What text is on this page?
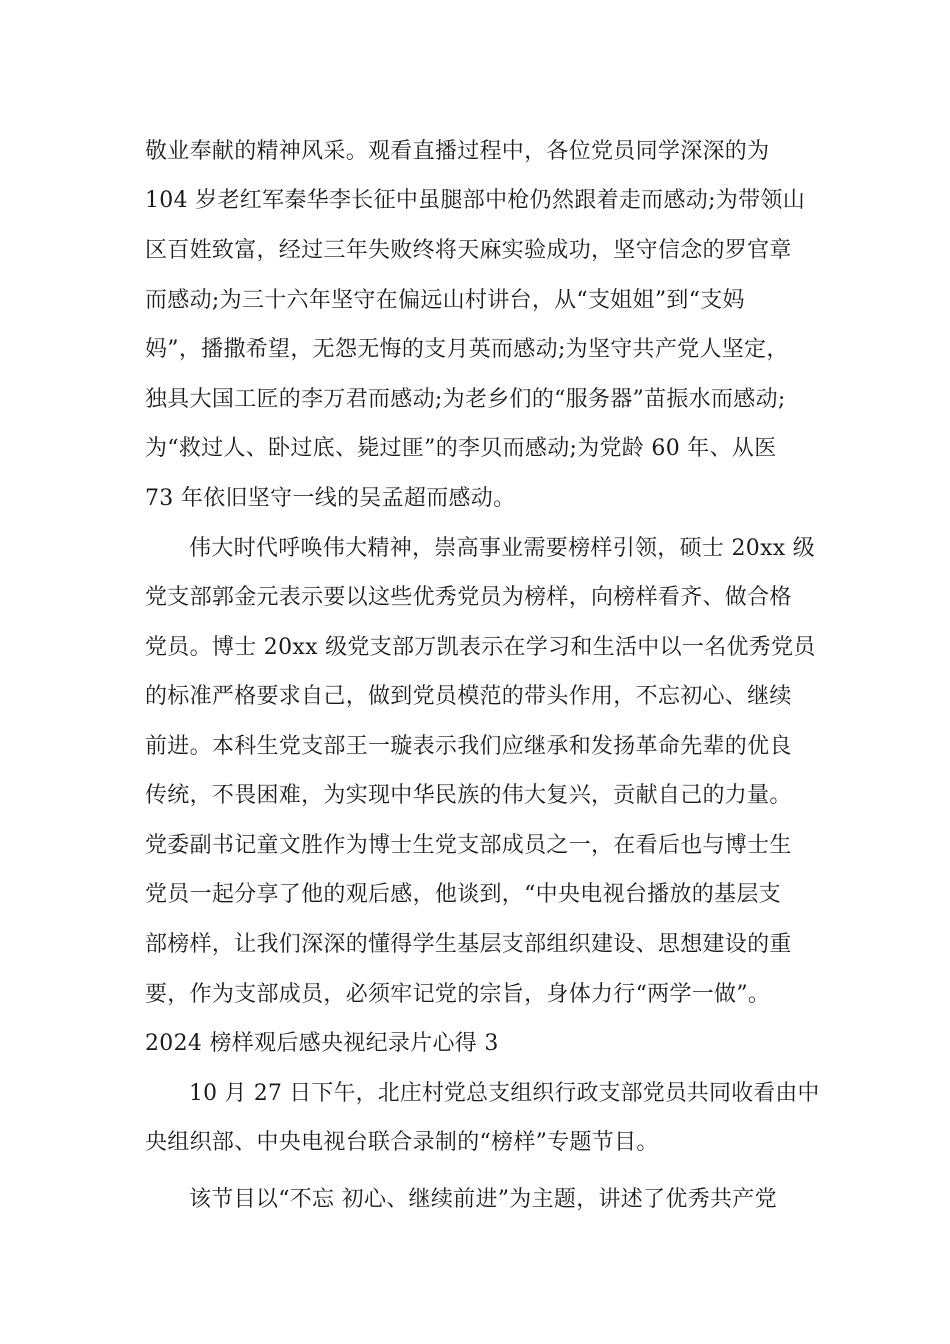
敬业奉献的精神风采。观看直播过程中，各位党员同学深深的为
104 岁老红军秦华李长征中虽腿部中枪仍然跟着走而感动;为带领山
区百姓致富，经过三年失败终将天麻实验成功，坚守信念的罗官章
而感动;为三十六年坚守在偏远山村讲台，从“支姐姐”到“支妈
妈”，播撒希望，无怨无悔的支月英而感动;为坚守共产党人坚定，
独具大国工匠的李万君而感动;为老乡们的“服务器”苗振水而感动;
为“救过人、卧过底、毙过匪”的李贝而感动;为党龄 60 年、从医
73 年依旧坚守一线的吴孟超而感动。
伟大时代呼唤伟大精神，崇高事业需要榜样引领，硕士 20xx 级
党支部郭金元表示要以这些优秀党员为榜样，向榜样看齐、做合格
党员。博士 20xx 级党支部万凯表示在学习和生活中以一名优秀党员
的标准严格要求自己，做到党员模范的带头作用，不忘初心、继续
前进。本科生党支部王一璇表示我们应继承和发扬革命先辈的优良
传统，不畏困难，为实现中华民族的伟大复兴，贡献自己的力量。
党委副书记童文胜作为博士生党支部成员之一，在看后也与博士生
党员一起分享了他的观后感，他谈到，“中央电视台播放的基层支
部榜样，让我们深深的懂得学生基层支部组织建设、思想建设的重
要，作为支部成员，必须牢记党的宗旨，身体力行“两学一做”。
2024 榜样观后感央视纪录片心得 3
10 月 27 日下午，北庄村党总支组织行政支部党员共同收看由中
央组织部、中央电视台联合录制的“榜样”专题节目。
该节目以“不忘 初心、继续前进”为主题，讲述了优秀共产党
